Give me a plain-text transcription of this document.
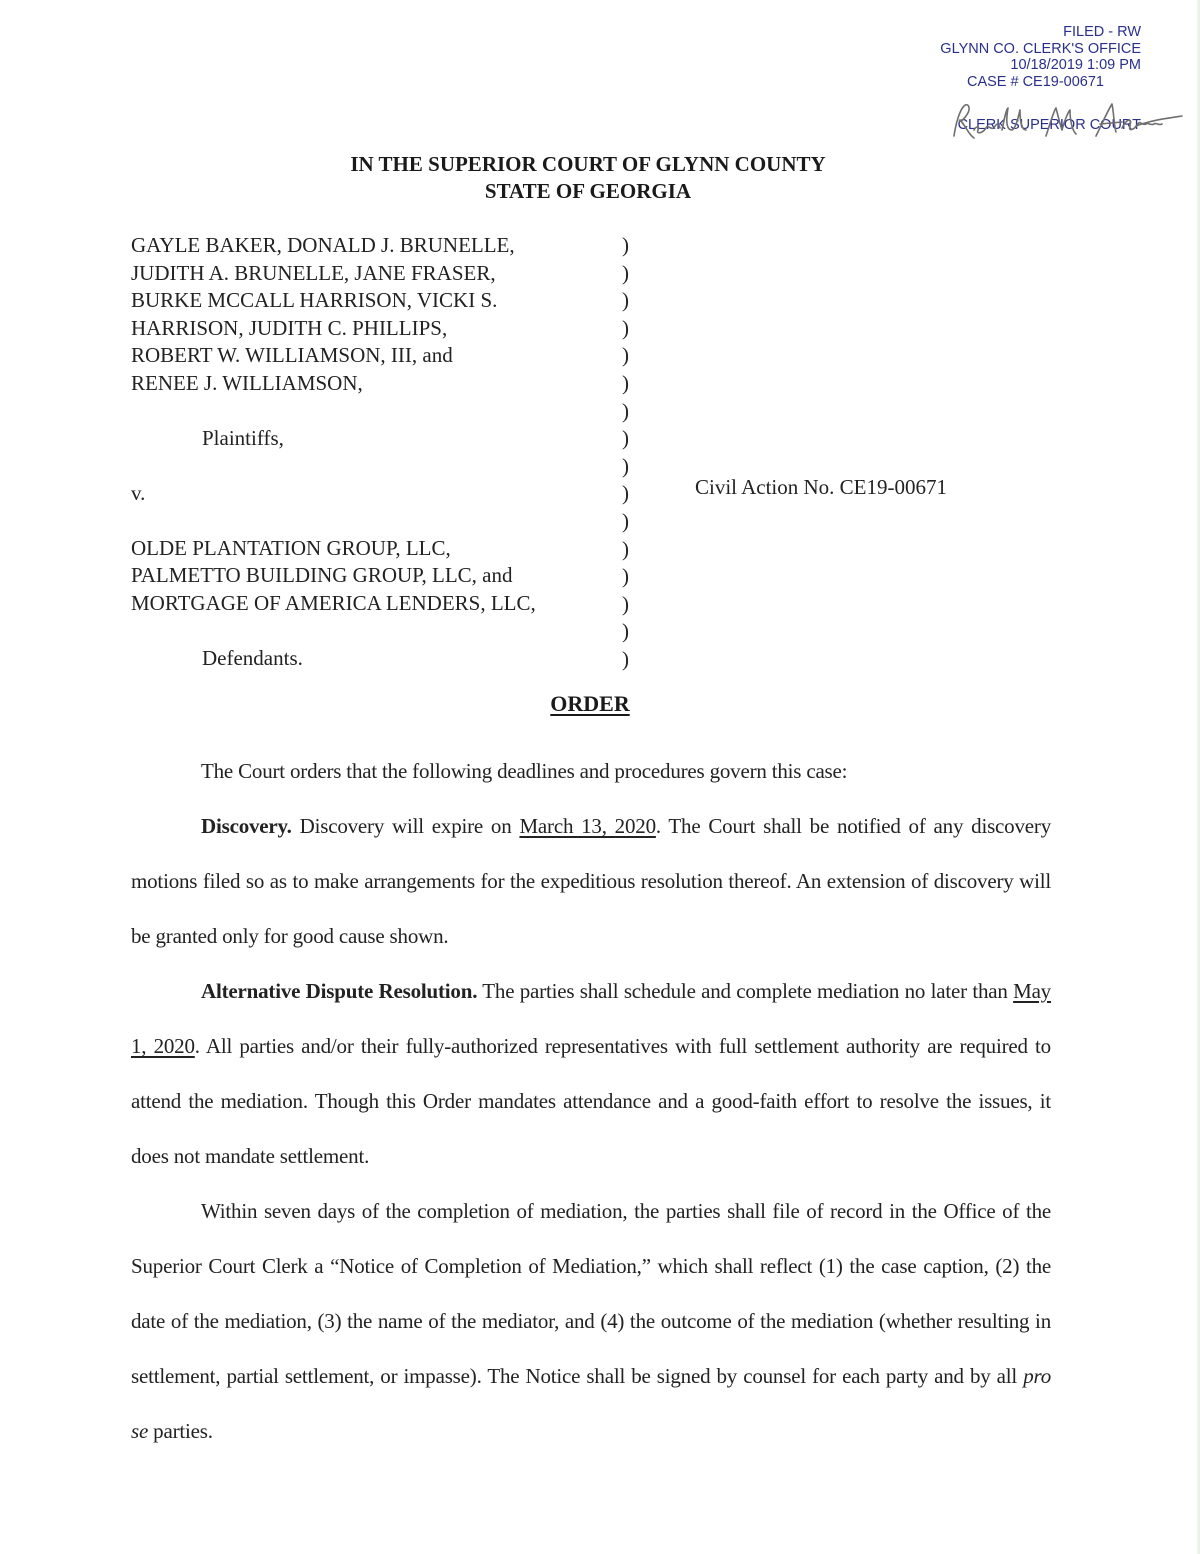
FILED - RW
GLYNN CO. CLERK'S OFFICE
10/18/2019 1:09 PM
CASE # CE19-00671
CLERK SUPERIOR COURT
IN THE SUPERIOR COURT OF GLYNN COUNTY
STATE OF GEORGIA
GAYLE BAKER, DONALD J. BRUNELLE,
JUDITH A. BRUNELLE, JANE FRASER,
BURKE MCCALL HARRISON, VICKI S.
HARRISON, JUDITH C. PHILLIPS,
ROBERT W. WILLIAMSON, III, and
RENEE J. WILLIAMSON,
Plaintiffs,
v.
OLDE PLANTATION GROUP, LLC,
PALMETTO BUILDING GROUP, LLC, and
MORTGAGE OF AMERICA LENDERS, LLC,
Defendants.
)
)
)
)
)
)
)
)
)
)
)
)
)
)
)
)
Civil Action No. CE19-00671
ORDER

The Court orders that the following deadlines and procedures govern this case:

Discovery. Discovery will expire on March 13, 2020. The Court shall be notified of any discovery motions filed so as to make arrangements for the expeditious resolution thereof. An extension of discovery will be granted only for good cause shown.

Alternative Dispute Resolution. The parties shall schedule and complete mediation no later than May 1, 2020. All parties and/or their fully-authorized representatives with full settlement authority are required to attend the mediation. Though this Order mandates attendance and a good-faith effort to resolve the issues, it does not mandate settlement.

Within seven days of the completion of mediation, the parties shall file of record in the Office of the Superior Court Clerk a “Notice of Completion of Mediation,” which shall reflect (1) the case caption, (2) the date of the mediation, (3) the name of the mediator, and (4) the outcome of the mediation (whether resulting in settlement, partial settlement, or impasse). The Notice shall be signed by counsel for each party and by all pro se parties.
